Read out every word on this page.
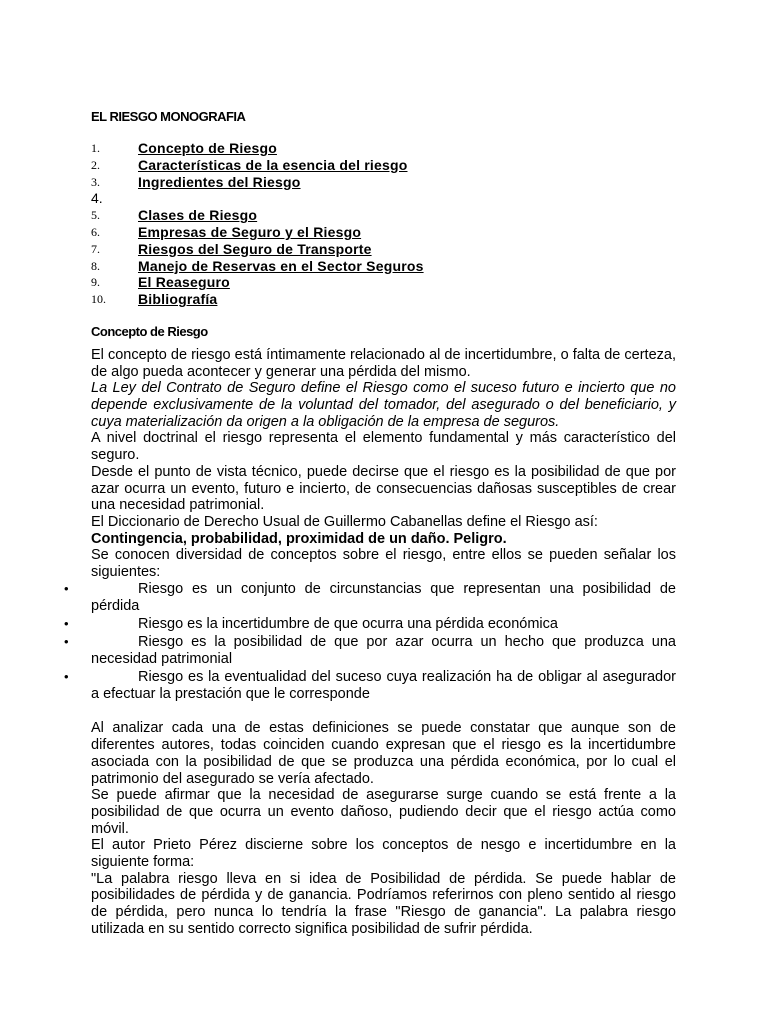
EL RIESGO MONOGRAFIA
1.	Concepto de Riesgo
2.	Características de la esencia del riesgo
3.	Ingredientes del Riesgo
4.
5.	Clases de Riesgo
6.	Empresas de Seguro y el Riesgo
7.	Riesgos del Seguro de Transporte
8.	Manejo de Reservas en el Sector Seguros
9.	El Reaseguro
10.	Bibliografía
Concepto de Riesgo

El concepto de riesgo está íntimamente relacionado al de incertidumbre, o falta de certeza, de algo pueda acontecer y generar una pérdida del mismo.

La Ley del Contrato de Seguro define el Riesgo como el suceso futuro e incierto que no depende exclusivamente de la voluntad del tomador, del asegurado o del beneficiario, y cuya materialización da origen a la obligación de la empresa de seguros.

A nivel doctrinal el riesgo representa el elemento fundamental y más característico del seguro.

Desde el punto de vista técnico, puede decirse que el riesgo es la posibilidad de que por azar ocurra un evento, futuro e incierto, de consecuencias dañosas susceptibles de crear una necesidad patrimonial.

El Diccionario de Derecho Usual de Guillermo Cabanellas define el Riesgo así:

Contingencia, probabilidad, proximidad de un daño. Peligro.

Se conocen diversidad de conceptos sobre el riesgo, entre ellos se pueden señalar los siguientes:

•	Riesgo es un conjunto de circunstancias que representan una posibilidad de pérdida
•	Riesgo es la incertidumbre de que ocurra una pérdida económica
•	Riesgo es la posibilidad de que por azar ocurra un hecho que produzca una necesidad patrimonial
•	Riesgo es la eventualidad del suceso cuya realización ha de obligar al asegurador a efectuar la prestación que le corresponde

Al analizar cada una de estas definiciones se puede constatar que aunque son de diferentes autores, todas coinciden cuando expresan que el riesgo es la incertidumbre asociada con la posibilidad de que se produzca una pérdida económica, por lo cual el patrimonio del asegurado se vería afectado.

Se puede afirmar que la necesidad de asegurarse surge cuando se está frente a la posibilidad de que ocurra un evento dañoso, pudiendo decir que el riesgo actúa como móvil.

El autor Prieto Pérez discierne sobre los conceptos de nesgo e incertidumbre en la siguiente forma:

"La palabra riesgo lleva en si idea de Posibilidad de pérdida. Se puede hablar de posibilidades de pérdida y de ganancia. Podríamos referirnos con pleno sentido al riesgo de pérdida, pero nunca lo tendría la frase "Riesgo de ganancia". La palabra riesgo utilizada en su sentido correcto significa posibilidad de sufrir pérdida.
